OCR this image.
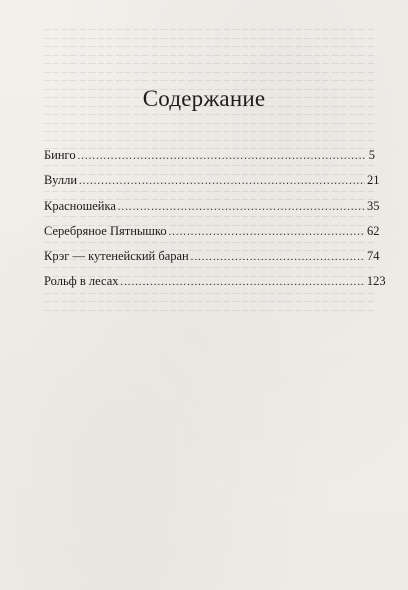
Содержание
Бинго .....	5
Вулли .....	21
Красношейка .....	35
Серебряное Пятнышко .....	62
Крэг — кутенейский баран .....	74
Рольф в лесах .....	123
